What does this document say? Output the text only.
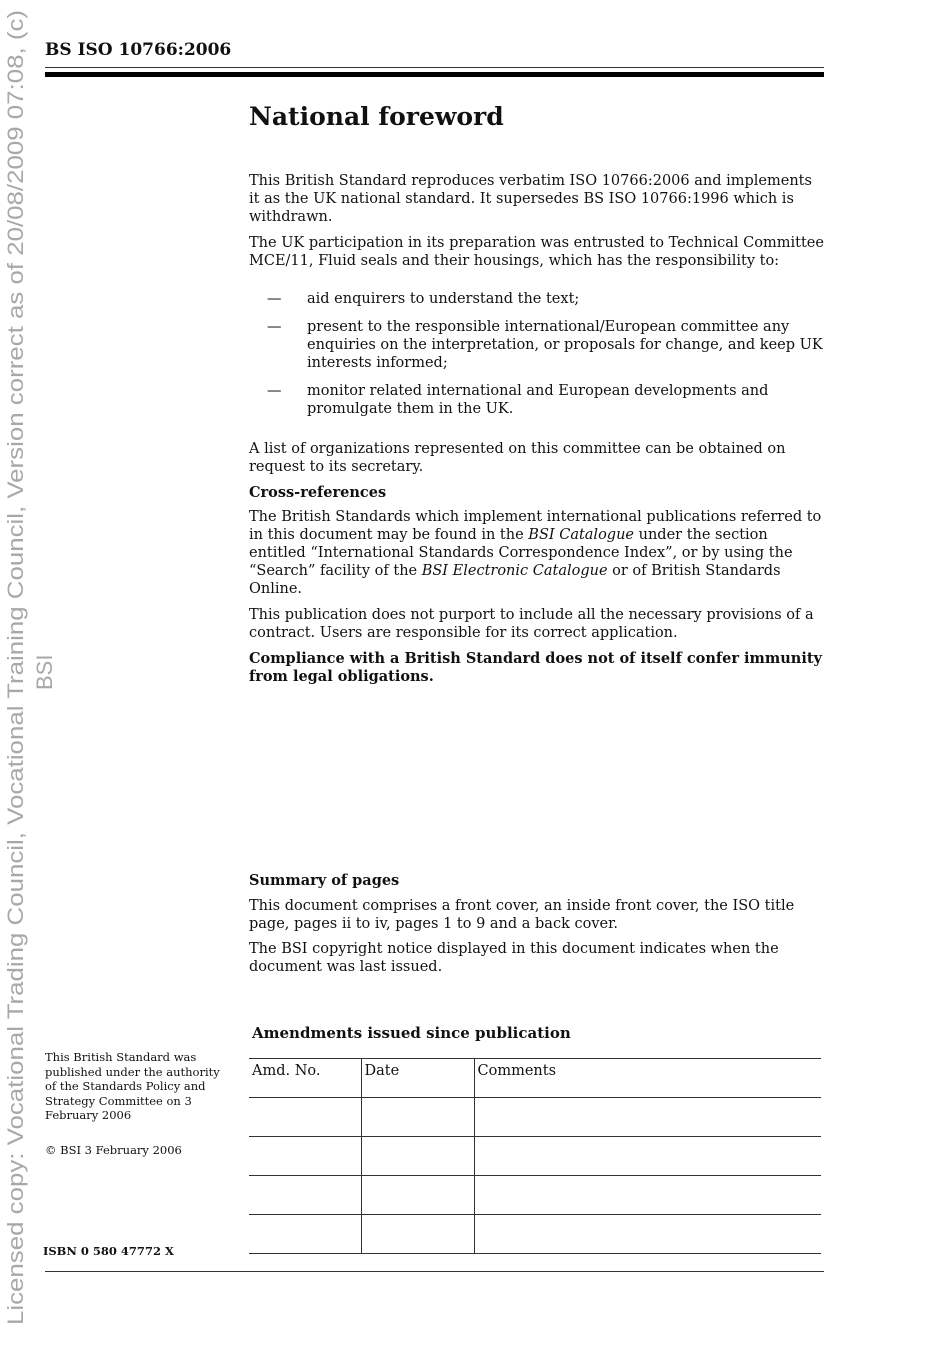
Licensed copy: Vocational Trading Council, Vocational Training Council, Version correct as of 20/08/2009 07:08, (c) BSI
BS ISO 10766:2006
National foreword

This British Standard reproduces verbatim ISO 10766:2006 and implements it as the UK national standard. It supersedes BS ISO 10766:1996 which is withdrawn.

The UK participation in its preparation was entrusted to Technical Committee MCE/11, Fluid seals and their housings, which has the responsibility to:

— aid enquirers to understand the text;
— present to the responsible international/European committee any enquiries on the interpretation, or proposals for change, and keep UK interests informed;
— monitor related international and European developments and promulgate them in the UK.

A list of organizations represented on this committee can be obtained on request to its secretary.

Cross-references

The British Standards which implement international publications referred to in this document may be found in the BSI Catalogue under the section entitled “International Standards Correspondence Index”, or by using the “Search” facility of the BSI Electronic Catalogue or of British Standards Online.

This publication does not purport to include all the necessary provisions of a contract. Users are responsible for its correct application.

Compliance with a British Standard does not of itself confer immunity from legal obligations.

Summary of pages

This document comprises a front cover, an inside front cover, the ISO title page, pages ii to iv, pages 1 to 9 and a back cover.

The BSI copyright notice displayed in this document indicates when the document was last issued.

Amendments issued since publication
Amd. No.	Date	Comments

This British Standard was published under the authority of the Standards Policy and Strategy Committee on 3 February 2006

© BSI 3 February 2006

ISBN 0 580 47772 X
